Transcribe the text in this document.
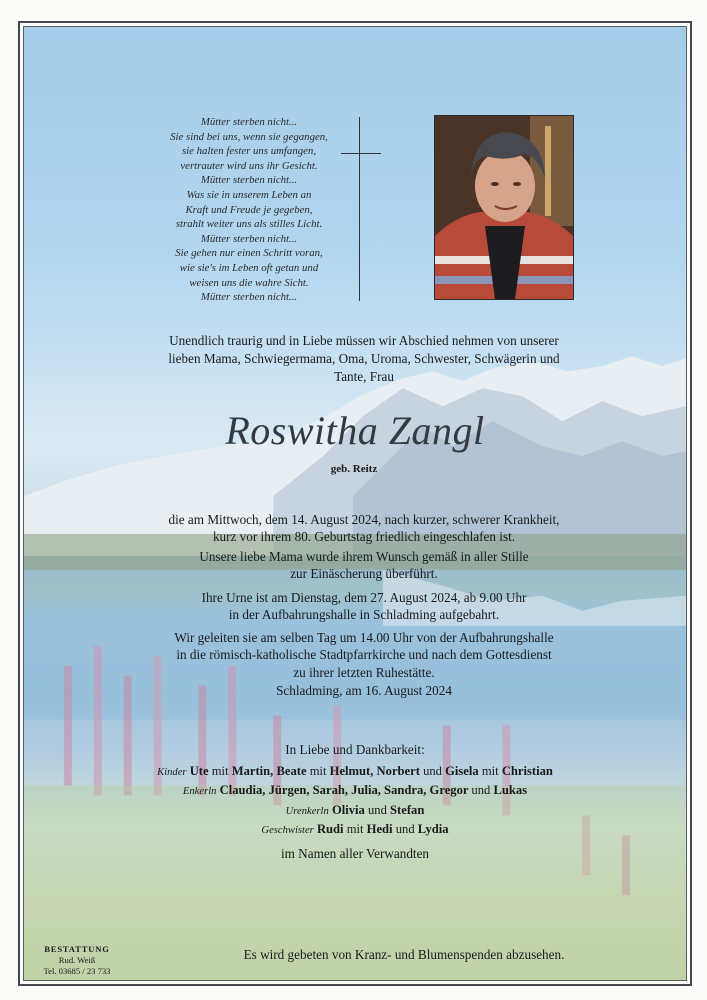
Mütter sterben nicht...
Sie sind bei uns, wenn sie gegangen,
sie halten fester uns umfangen,
vertrauter wird uns ihr Gesicht.
Mütter sterben nicht...
Was sie in unserem Leben an
Kraft und Freude je gegeben,
strahlt weiter uns als stilles Licht.
Mütter sterben nicht...
Sie gehen nur einen Schritt voran,
wie sie's im Leben oft getan und
weisen uns die wahre Sicht.
Mütter sterben nicht...
Unendlich traurig und in Liebe müssen wir Abschied nehmen von unserer
lieben Mama, Schwiegermama, Oma, Uroma, Schwester, Schwägerin und
Tante, Frau
Roswitha Zangl
geb. Reitz
die am Mittwoch, dem 14. August 2024, nach kurzer, schwerer Krankheit,
kurz vor ihrem 80. Geburtstag friedlich eingeschlafen ist.
Unsere liebe Mama wurde ihrem Wunsch gemäß in aller Stille
zur Einäscherung überführt.
Ihre Urne ist am Dienstag, dem 27. August 2024, ab 9.00 Uhr
in der Aufbahrungshalle in Schladming aufgebahrt.
Wir geleiten sie am selben Tag um 14.00 Uhr von der Aufbahrungshalle
in die römisch-katholische Stadtpfarrkirche und nach dem Gottesdienst
zu ihrer letzten Ruhestätte.
Schladming, am 16. August 2024
In Liebe und Dankbarkeit:
Kinder Ute mit Martin, Beate mit Helmut, Norbert und Gisela mit Christian
Enkerln Claudia, Jürgen, Sarah, Julia, Sandra, Gregor und Lukas
Urenkerln Olivia und Stefan
Geschwister Rudi mit Hedi und Lydia
im Namen aller Verwandten
BESTATTUNG
Rud. Weiß
Tel. 03685 / 23 733
Es wird gebeten von Kranz- und Blumenspenden abzusehen.
